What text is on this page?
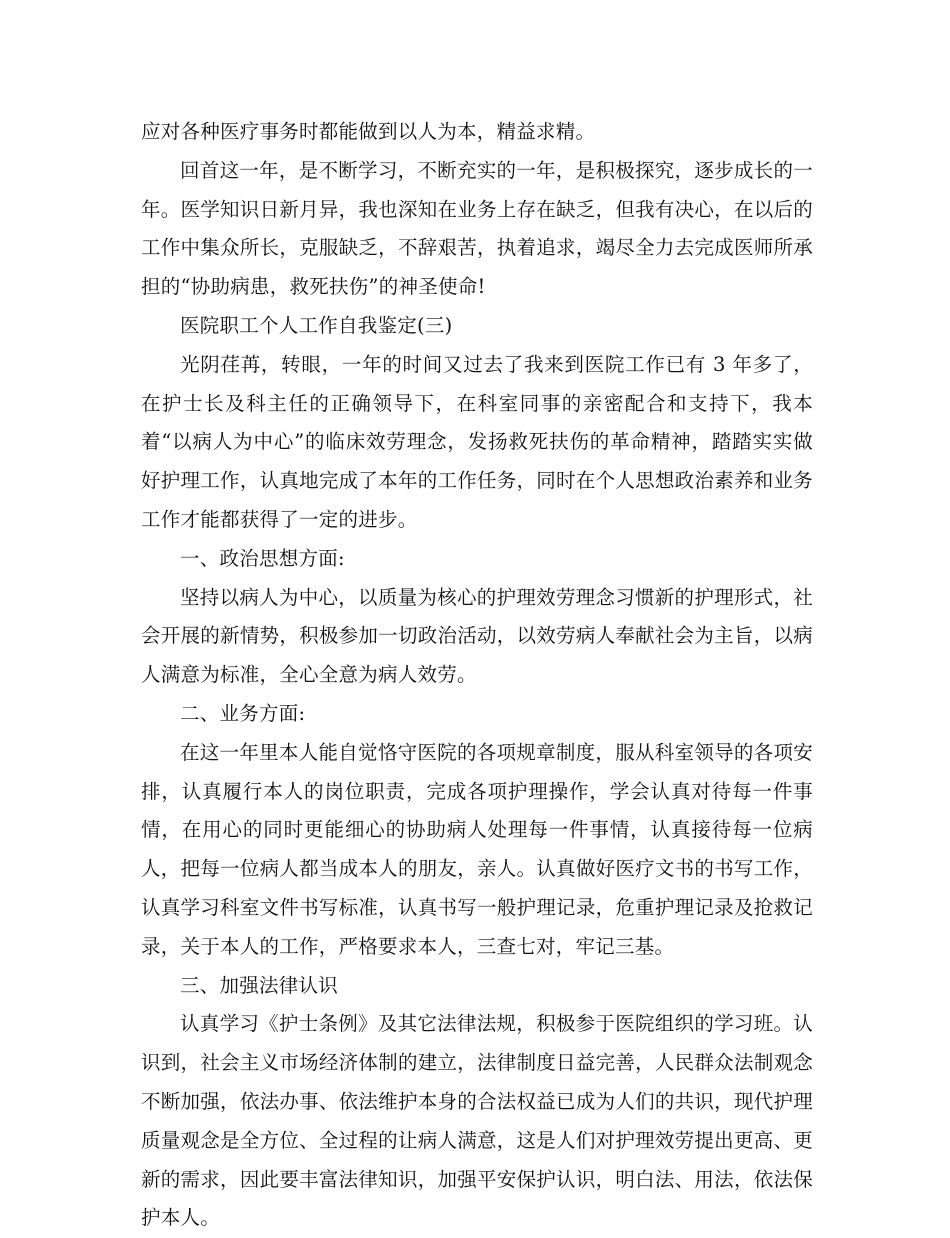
应对各种医疗事务时都能做到以人为本，精益求精。

回首这一年，是不断学习，不断充实的一年，是积极探究，逐步成长的一年。医学知识日新月异，我也深知在业务上存在缺乏，但我有决心，在以后的工作中集众所长，克服缺乏，不辞艰苦，执着追求，竭尽全力去完成医师所承担的“协助病患，救死扶伤”的神圣使命!

医院职工个人工作自我鉴定(三)

光阴荏苒，转眼，一年的时间又过去了我来到医院工作已有 3 年多了，在护士长及科主任的正确领导下，在科室同事的亲密配合和支持下，我本着“以病人为中心”的临床效劳理念，发扬救死扶伤的革命精神，踏踏实实做好护理工作，认真地完成了本年的工作任务，同时在个人思想政治素养和业务工作才能都获得了一定的进步。

一、政治思想方面:

坚持以病人为中心，以质量为核心的护理效劳理念习惯新的护理形式，社会开展的新情势，积极参加一切政治活动，以效劳病人奉献社会为主旨，以病人满意为标准，全心全意为病人效劳。

二、业务方面:

在这一年里本人能自觉恪守医院的各项规章制度，服从科室领导的各项安排，认真履行本人的岗位职责，完成各项护理操作，学会认真对待每一件事情，在用心的同时更能细心的协助病人处理每一件事情，认真接待每一位病人，把每一位病人都当成本人的朋友，亲人。认真做好医疗文书的书写工作，认真学习科室文件书写标准，认真书写一般护理记录，危重护理记录及抢救记录，关于本人的工作，严格要求本人，三查七对，牢记三基。

三、加强法律认识

认真学习《护士条例》及其它法律法规，积极参于医院组织的学习班。认识到，社会主义市场经济体制的建立，法律制度日益完善，人民群众法制观念不断加强，依法办事、依法维护本身的合法权益已成为人们的共识，现代护理质量观念是全方位、全过程的让病人满意，这是人们对护理效劳提出更高、更新的需求，因此要丰富法律知识，加强平安保护认识，明白法、用法，依法保护本人。
